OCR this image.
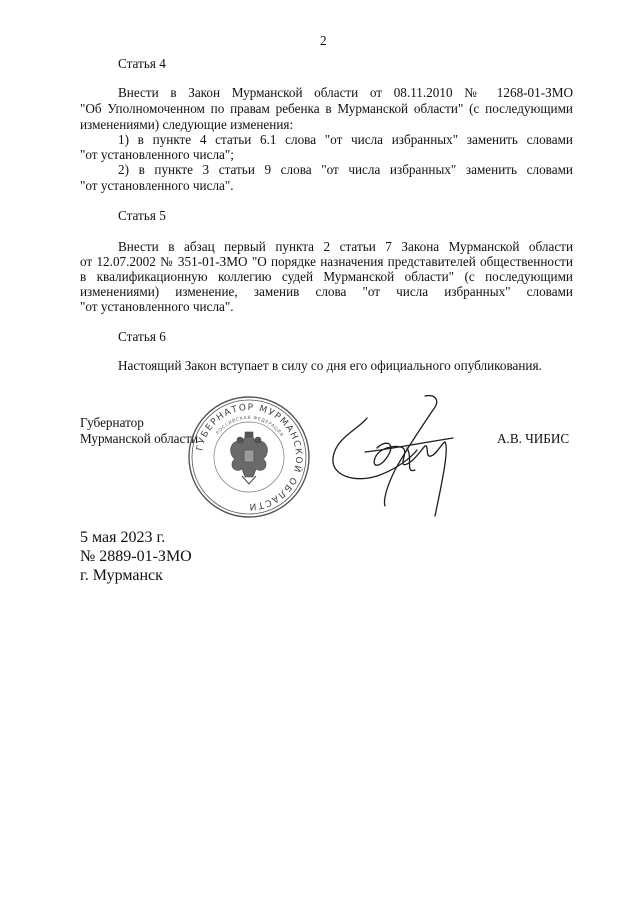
2
Статья 4
Внести в Закон Мурманской области от 08.11.2010 № 1268-01-ЗМО
"Об Уполномоченном по правам ребенка в Мурманской области" (с последующими
изменениями) следующие изменения:
1) в пункте 4 статьи 6.1 слова "от числа избранных" заменить словами
"от установленного числа";
2) в пункте 3 статьи 9 слова "от числа избранных" заменить словами
"от установленного числа".
Статья 5
Внести в абзац первый пункта 2 статьи 7 Закона Мурманской области
от 12.07.2002 № 351-01-ЗМО "О порядке назначения представителей общественности
в квалификационную коллегию судей Мурманской области" (с последующими
изменениями) изменение, заменив слова "от числа избранных" словами
"от установленного числа".
Статья 6
Настоящий Закон вступает в силу со дня его официального опубликования.
Губернатор
Мурманской области	А.В. ЧИБИС
ГУБЕРНАТОР МУРМАНСКОЙ ОБЛАСТИ
РОССИЙСКАЯ ФЕДЕРАЦИЯ
5 мая 2023 г.
№ 2889-01-ЗМО
г. Мурманск
